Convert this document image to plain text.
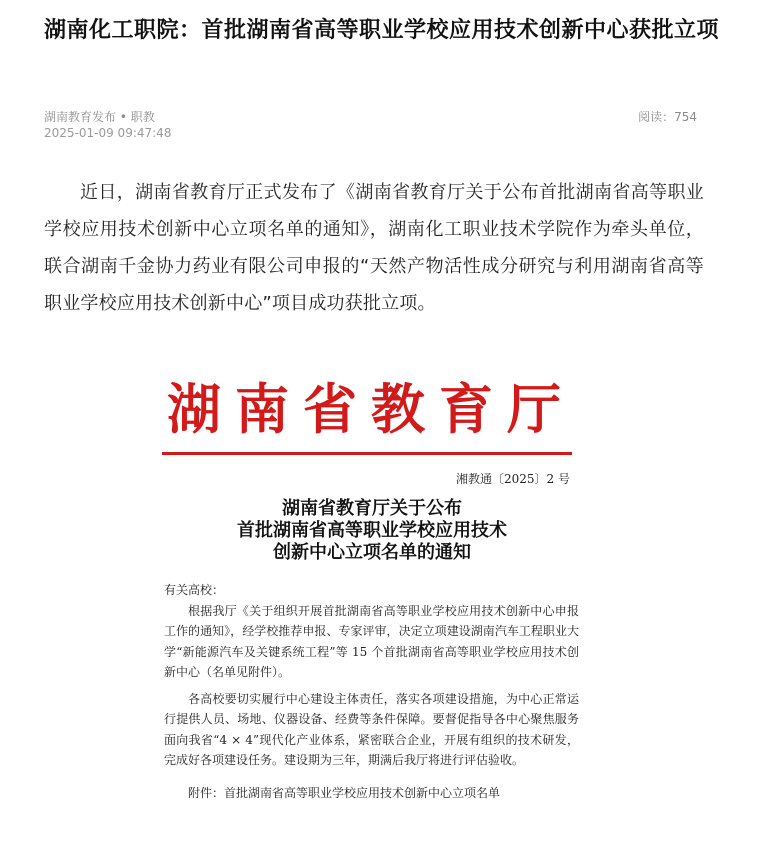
湖南化工职院：首批湖南省高等职业学校应用技术创新中心获批立项
湖南教育发布 • 职教
2025-01-09 09:47:48
阅读：754

近日，湖南省教育厅正式发布了《湖南省教育厅关于公布首批湖南省高等职业学校应用技术创新中心立项名单的通知》，湖南化工职业技术学院作为牵头单位，联合湖南千金协力药业有限公司申报的“天然产物活性成分研究与利用湖南省高等职业学校应用技术创新中心”项目成功获批立项。

湖南省教育厅
湘教通〔2025〕2 号
湖南省教育厅关于公布
首批湖南省高等职业学校应用技术
创新中心立项名单的通知

有关高校：

根据我厅《关于组织开展首批湖南省高等职业学校应用技术创新中心申报工作的通知》，经学校推荐申报、专家评审，决定立项建设湖南汽车工程职业大学“新能源汽车及关键系统工程”等 15 个首批湖南省高等职业学校应用技术创新中心（名单见附件）。

各高校要切实履行中心建设主体责任，落实各项建设措施，为中心正常运行提供人员、场地、仪器设备、经费等条件保障。要督促指导各中心聚焦服务面向我省“4 × 4”现代化产业体系，紧密联合企业，开展有组织的技术研发，完成好各项建设任务。建设期为三年，期满后我厅将进行评估验收。

附件：首批湖南省高等职业学校应用技术创新中心立项名单
